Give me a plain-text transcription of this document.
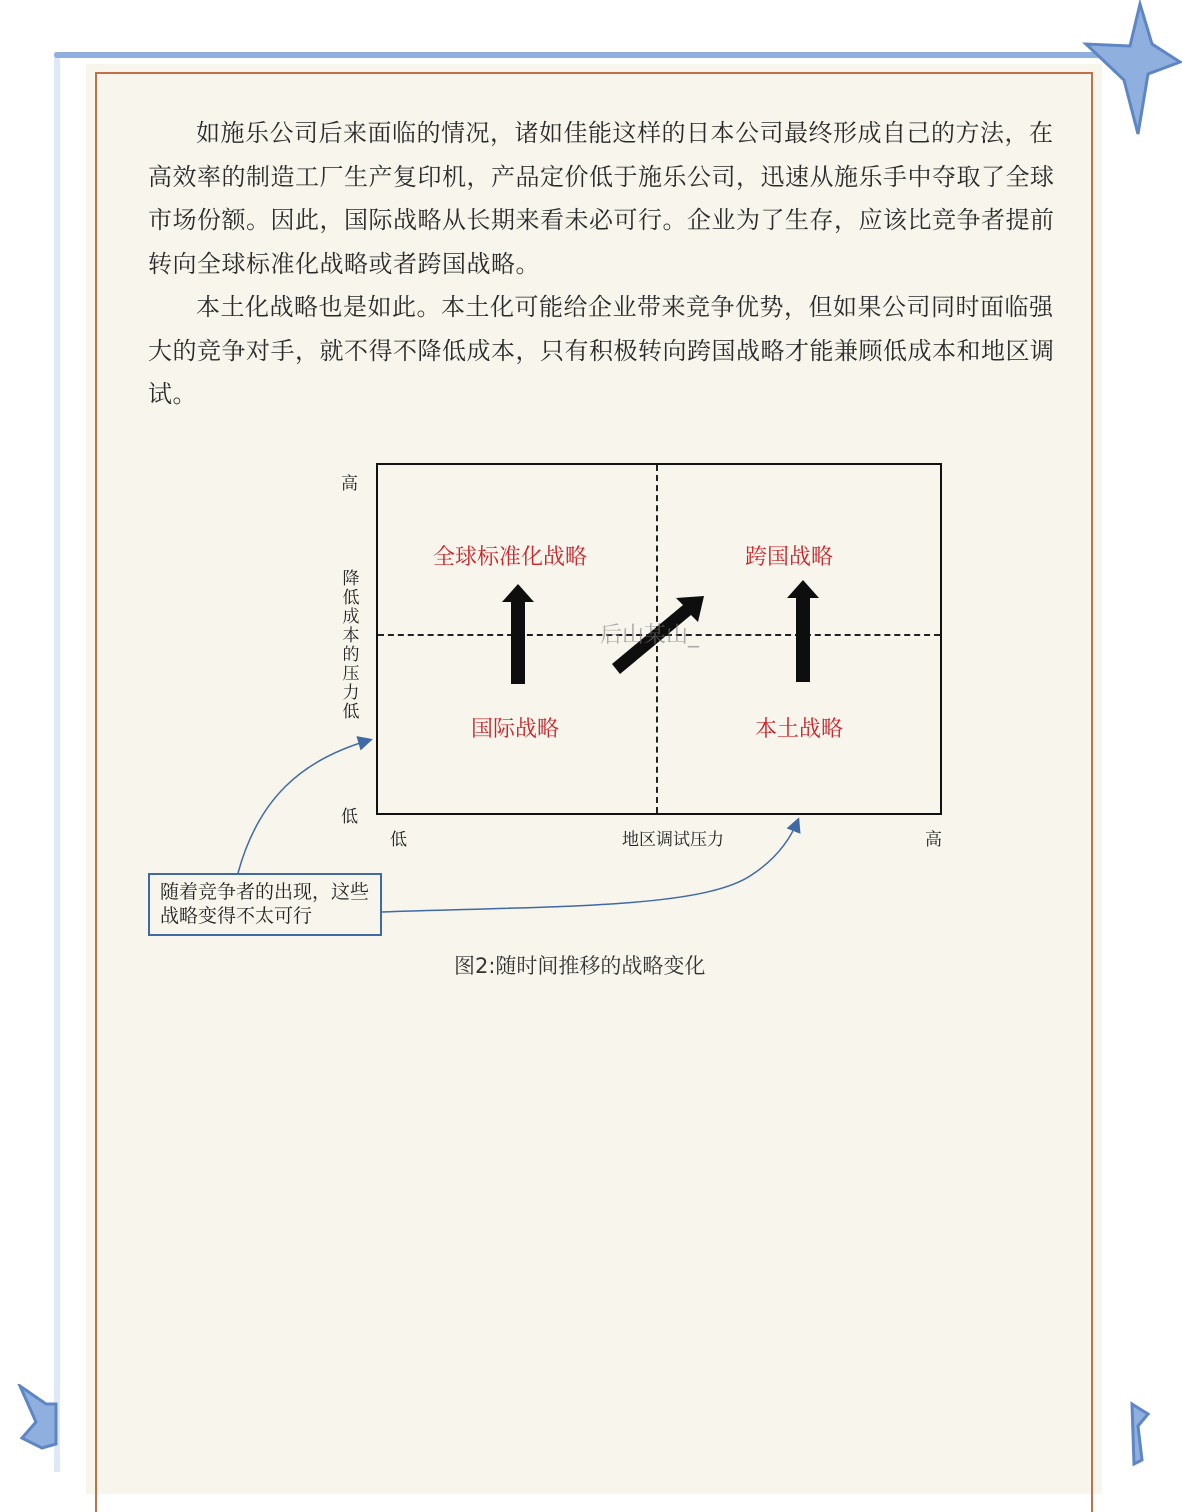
如施乐公司后来面临的情况，诸如佳能这样的日本公司最终形成自己的方法，在高效率的制造工厂生产复印机，产品定价低于施乐公司，迅速从施乐手中夺取了全球市场份额。因此，国际战略从长期来看未必可行。企业为了生存，应该比竞争者提前转向全球标准化战略或者跨国战略。

本土化战略也是如此。本土化可能给企业带来竞争优势，但如果公司同时面临强大的竞争对手，就不得不降低成本，只有积极转向跨国战略才能兼顾低成本和地区调试。

高
降低成本的压力低
低
低	地区调试压力	高
全球标准化战略	跨国战略
国际战略	本土战略
后山某山_
随着竞争者的出现，这些战略变得不太可行
图2:随时间推移的战略变化
